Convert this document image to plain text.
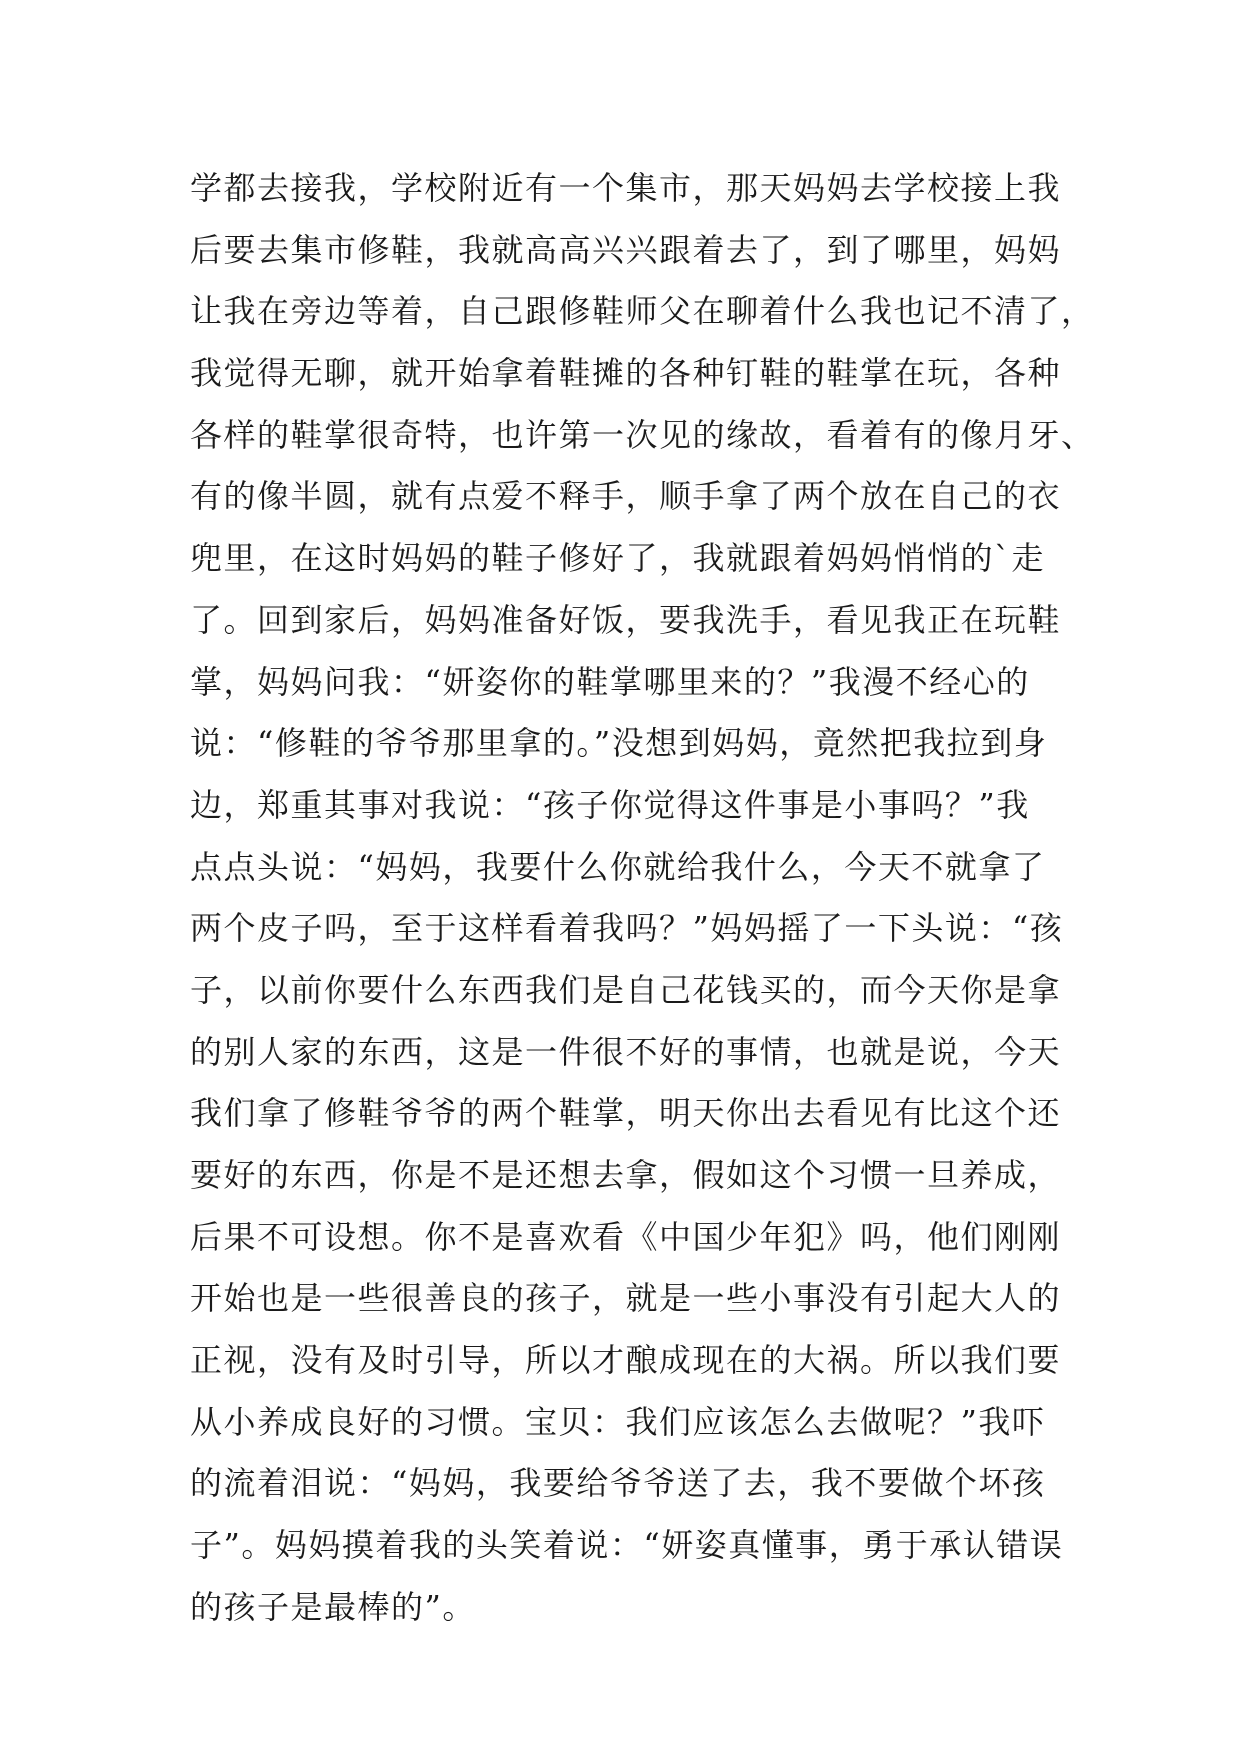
学都去接我，学校附近有一个集市，那天妈妈去学校接上我
后要去集市修鞋，我就高高兴兴跟着去了，到了哪里，妈妈
让我在旁边等着，自己跟修鞋师父在聊着什么我也记不清了，
我觉得无聊，就开始拿着鞋摊的各种钉鞋的鞋掌在玩，各种
各样的鞋掌很奇特，也许第一次见的缘故，看着有的像月牙、
有的像半圆，就有点爱不释手，顺手拿了两个放在自己的衣
兜里，在这时妈妈的鞋子修好了，我就跟着妈妈悄悄的`走
了。回到家后，妈妈准备好饭，要我洗手，看见我正在玩鞋
掌，妈妈问我：“妍姿你的鞋掌哪里来的？”我漫不经心的
说：“修鞋的爷爷那里拿的。”没想到妈妈，竟然把我拉到身
边，郑重其事对我说：“孩子你觉得这件事是小事吗？”我
点点头说：“妈妈，我要什么你就给我什么，今天不就拿了
两个皮子吗，至于这样看着我吗？”妈妈摇了一下头说：“孩
子，以前你要什么东西我们是自己花钱买的，而今天你是拿
的别人家的东西，这是一件很不好的事情，也就是说，今天
我们拿了修鞋爷爷的两个鞋掌，明天你出去看见有比这个还
要好的东西，你是不是还想去拿，假如这个习惯一旦养成，
后果不可设想。你不是喜欢看《中国少年犯》吗，他们刚刚
开始也是一些很善良的孩子，就是一些小事没有引起大人的
正视，没有及时引导，所以才酿成现在的大祸。所以我们要
从小养成良好的习惯。宝贝：我们应该怎么去做呢？”我吓
的流着泪说：“妈妈，我要给爷爷送了去，我不要做个坏孩
子”。妈妈摸着我的头笑着说：“妍姿真懂事，勇于承认错误
的孩子是最棒的”。
